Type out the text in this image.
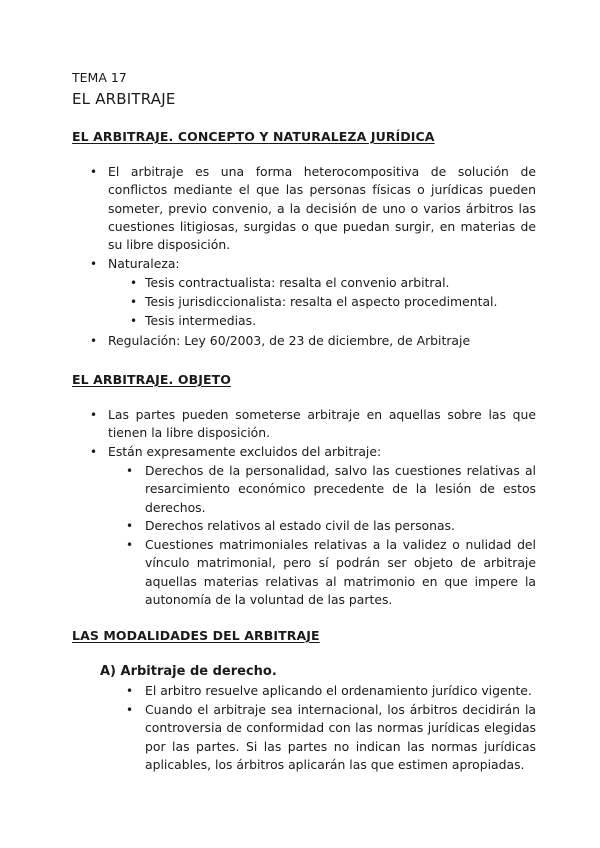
TEMA 17
EL ARBITRAJE
EL ARBITRAJE. CONCEPTO Y NATURALEZA JURÍDICA
• El arbitraje es una forma heterocompositiva de solución de conflictos mediante el que las personas físicas o jurídicas pueden someter, previo convenio, a la decisión de uno o varios árbitros las cuestiones litigiosas, surgidas o que puedan surgir, en materias de su libre disposición.
• Naturaleza:
• Tesis contractualista: resalta el convenio arbitral.
• Tesis jurisdiccionalista: resalta el aspecto procedimental.
• Tesis intermedias.
• Regulación: Ley 60/2003, de 23 de diciembre, de Arbitraje
EL ARBITRAJE. OBJETO
• Las partes pueden someterse arbitraje en aquellas sobre las que tienen la libre disposición.
• Están expresamente excluidos del arbitraje:
• Derechos de la personalidad, salvo las cuestiones relativas al resarcimiento económico precedente de la lesión de estos derechos.
• Derechos relativos al estado civil de las personas.
• Cuestiones matrimoniales relativas a la validez o nulidad del vínculo matrimonial, pero sí podrán ser objeto de arbitraje aquellas materias relativas al matrimonio en que impere la autonomía de la voluntad de las partes.
LAS MODALIDADES DEL ARBITRAJE
A) Arbitraje de derecho.
• El arbitro resuelve aplicando el ordenamiento jurídico vigente.
• Cuando el arbitraje sea internacional, los árbitros decidirán la controversia de conformidad con las normas jurídicas elegidas por las partes. Si las partes no indican las normas jurídicas aplicables, los árbitros aplicarán las que estimen apropiadas.
